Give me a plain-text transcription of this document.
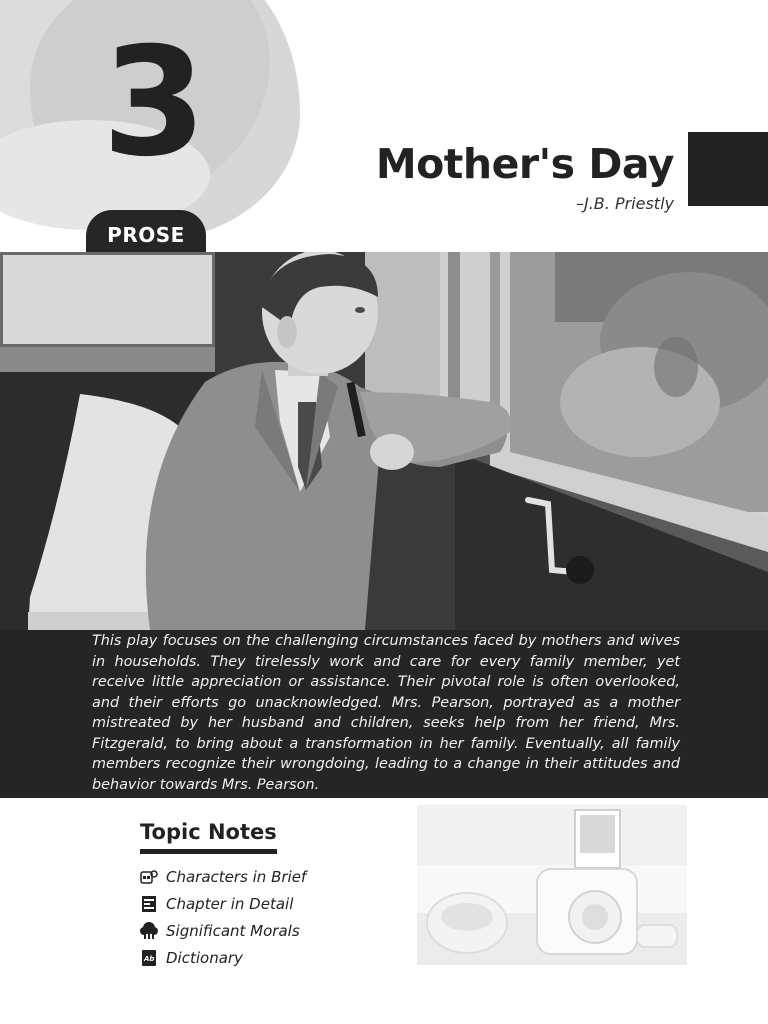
3
PROSE
Mother's Day
–J.B. Priestly
This play focuses on the challenging circumstances faced by mothers and wives in households. They tirelessly work and care for every family member, yet receive little appreciation or assistance. Their pivotal role is often overlooked, and their efforts go unacknowledged. Mrs. Pearson, portrayed as a mother mistreated by her husband and children, seeks help from her friend, Mrs. Fitzgerald, to bring about a transformation in her family. Eventually, all family members recognize their wrongdoing, leading to a change in their attitudes and behavior towards Mrs. Pearson.
Topic Notes
Characters in Brief
Chapter in Detail
Significant Morals
Ab Dictionary
